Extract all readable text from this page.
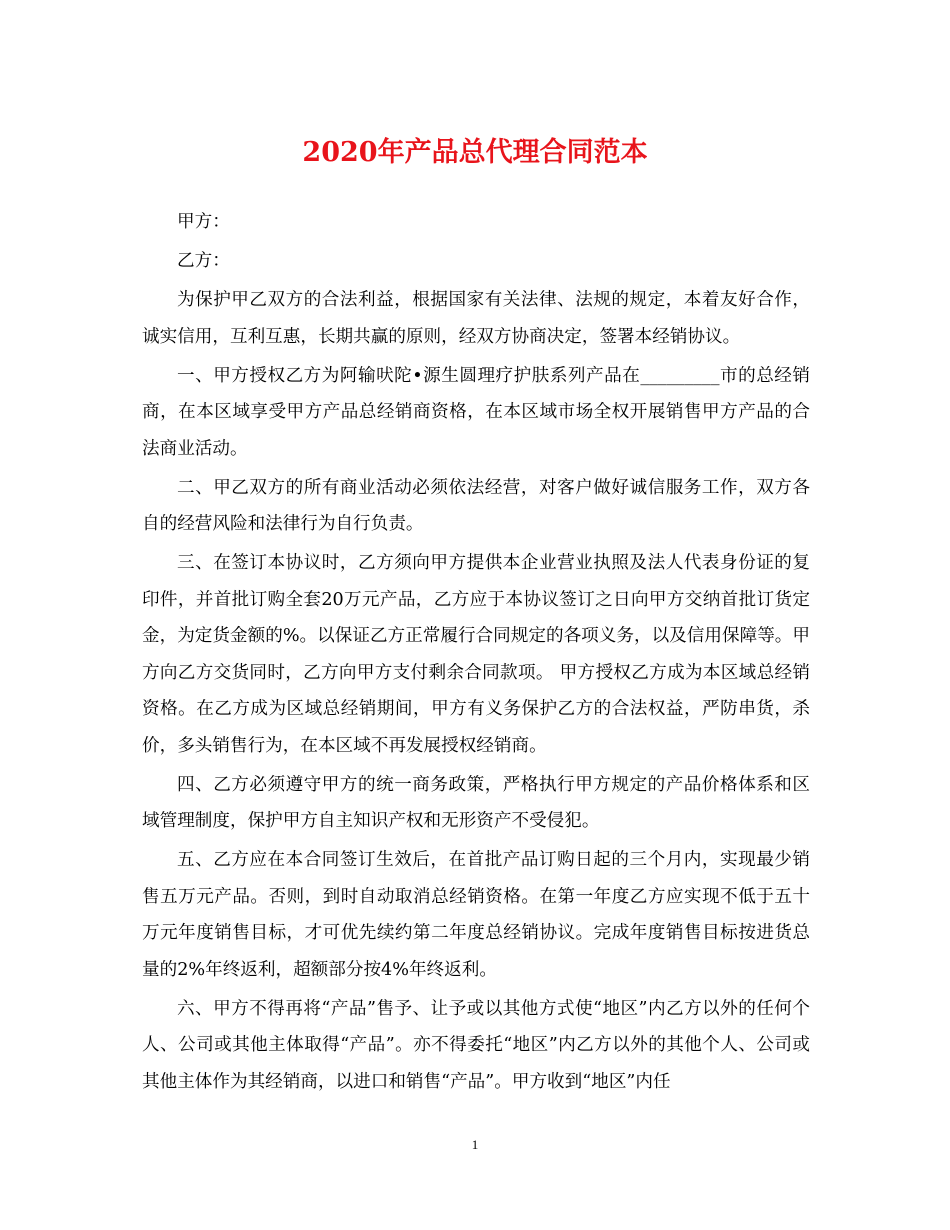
2020年产品总代理合同范本

甲方：

乙方：

为保护甲乙双方的合法利益，根据国家有关法律、法规的规定，本着友好合作，诚实信用，互利互惠，长期共赢的原则，经双方协商决定，签署本经销协议。

一、甲方授权乙方为阿输吠陀•源生圆理疗护肤系列产品在_________市的总经销商，在本区域享受甲方产品总经销商资格，在本区域市场全权开展销售甲方产品的合法商业活动。

二、甲乙双方的所有商业活动必须依法经营，对客户做好诚信服务工作，双方各自的经营风险和法律行为自行负责。

三、在签订本协议时，乙方须向甲方提供本企业营业执照及法人代表身份证的复印件，并首批订购全套20万元产品，乙方应于本协议签订之日向甲方交纳首批订货定金，为定货金额的%。以保证乙方正常履行合同规定的各项义务，以及信用保障等。甲方向乙方交货同时，乙方向甲方支付剩余合同款项。 甲方授权乙方成为本区域总经销资格。在乙方成为区域总经销期间，甲方有义务保护乙方的合法权益，严防串货，杀价，多头销售行为，在本区域不再发展授权经销商。

四、乙方必须遵守甲方的统一商务政策，严格执行甲方规定的产品价格体系和区域管理制度，保护甲方自主知识产权和无形资产不受侵犯。

五、乙方应在本合同签订生效后，在首批产品订购日起的三个月内，实现最少销售五万元产品。否则，到时自动取消总经销资格。在第一年度乙方应实现不低于五十万元年度销售目标，才可优先续约第二年度总经销协议。完成年度销售目标按进货总量的2%年终返利，超额部分按4%年终返利。

六、甲方不得再将“产品”售予、让予或以其他方式使“地区”内乙方以外的任何个人、公司或其他主体取得“产品”。亦不得委托“地区”内乙方以外的其他个人、公司或其他主体作为其经销商，以进口和销售“产品”。甲方收到“地区”内任

1
